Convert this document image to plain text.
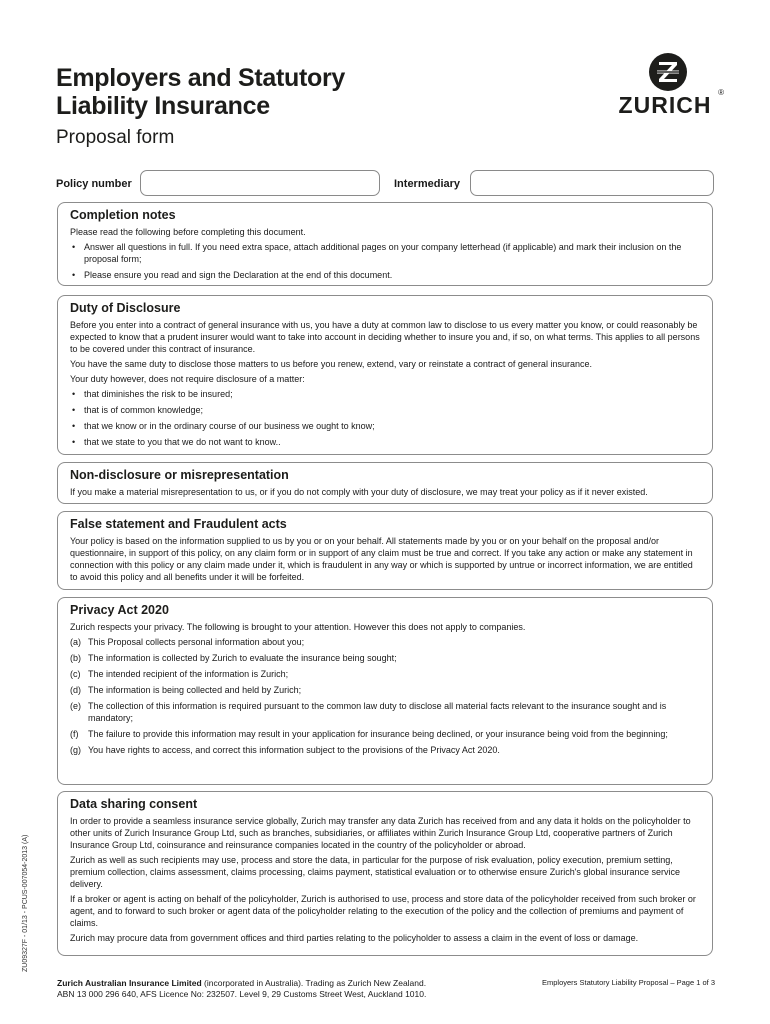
Employers and Statutory
Liability Insurance
Proposal form
ZURICH ®
Policy number	Intermediary
Completion notes

Please read the following before completing this document.

• Answer all questions in full. If you need extra space, attach additional pages on your company letterhead (if applicable) and mark their inclusion on the proposal form;
• Please ensure you read and sign the Declaration at the end of this document.
Duty of Disclosure

Before you enter into a contract of general insurance with us, you have a duty at common law to disclose to us every matter you know, or could reasonably be expected to know that a prudent insurer would want to take into account in deciding whether to insure you and, if so, on what terms. This applies to all persons to be covered under this contract of insurance.

You have the same duty to disclose those matters to us before you renew, extend, vary or reinstate a contract of general insurance.

Your duty however, does not require disclosure of a matter:

• that diminishes the risk to be insured;
• that is of common knowledge;
• that we know or in the ordinary course of our business we ought to know;
• that we state to you that we do not want to know..
Non-disclosure or misrepresentation

If you make a material misrepresentation to us, or if you do not comply with your duty of disclosure, we may treat your policy as if it never existed.

False statement and Fraudulent acts

Your policy is based on the information supplied to us by you or on your behalf. All statements made by you or on your behalf on the proposal and/or questionnaire, in support of this policy, on any claim form or in support of any claim must be true and correct. If you take any action or make any statement in connection with this policy or any claim made under it, which is fraudulent in any way or which is supported by untrue or incorrect information, we are entitled to avoid this policy and all benefits under it will be forfeited.

Privacy Act 2020

Zurich respects your privacy. The following is brought to your attention. However this does not apply to companies.

(a) This Proposal collects personal information about you;
(b) The information is collected by Zurich to evaluate the insurance being sought;
(c) The intended recipient of the information is Zurich;
(d) The information is being collected and held by Zurich;
(e) The collection of this information is required pursuant to the common law duty to disclose all material facts relevant to the insurance sought and is mandatory;
(f) The failure to provide this information may result in your application for insurance being declined, or your insurance being void from the beginning;
(g) You have rights to access, and correct this information subject to the provisions of the Privacy Act 2020.
Data sharing consent

In order to provide a seamless insurance service globally, Zurich may transfer any data Zurich has received from and any data it holds on the policyholder to other units of Zurich Insurance Group Ltd, such as branches, subsidiaries, or affiliates within Zurich Insurance Group Ltd, cooperative partners of Zurich Insurance Group Ltd, coinsurance and reinsurance companies located in the country of the policyholder or abroad.

Zurich as well as such recipients may use, process and store the data, in particular for the purpose of risk evaluation, policy execution, premium setting, premium collection, claims assessment, claims processing, claims payment, statistical evaluation or to otherwise ensure Zurich's global insurance service delivery.

If a broker or agent is acting on behalf of the policyholder, Zurich is authorised to use, process and store data of the policyholder received from such broker or agent, and to forward to such broker or agent data of the policyholder relating to the execution of the policy and the collection of premiums and payment of claims.

Zurich may procure data from government offices and third parties relating to the policyholder to assess a claim in the event of loss or damage.

ZU09327F - 01/13 - PCUS-007054-2013 (A)
Zurich Australian Insurance Limited (incorporated in Australia). Trading as Zurich New Zealand.
ABN 13 000 296 640, AFS Licence No: 232507. Level 9, 29 Customs Street West, Auckland 1010.
Employers Statutory Liability Proposal – Page 1 of 3
